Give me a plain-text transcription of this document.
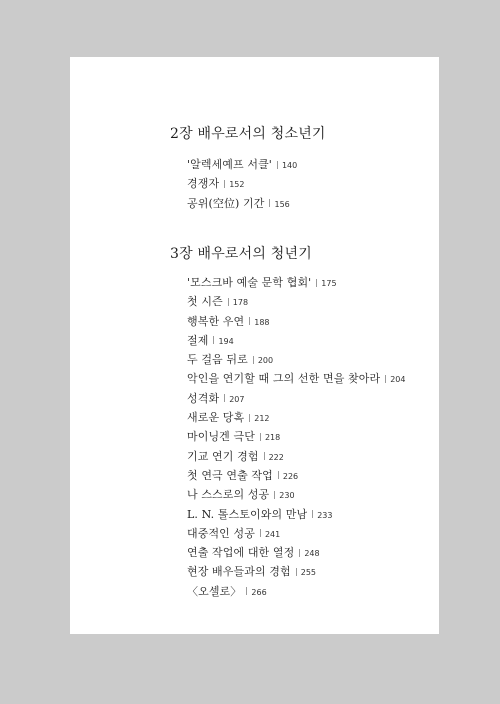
2장 배우로서의 청소년기
'알렉세예프 서클' 140
경쟁자 152
공위(空位) 기간 156
3장 배우로서의 청년기
'모스크바 예술 문학 협회' 175
첫 시즌 178
행복한 우연 188
절제 194
두 걸음 뒤로 200
악인을 연기할 때 그의 선한 면을 찾아라 204
성격화 207
새로운 당혹 212
마이닝겐 극단 218
기교 연기 경험 222
첫 연극 연출 작업 226
나 스스로의 성공 230
L. N. 톨스토이와의 만남 233
대중적인 성공 241
연출 작업에 대한 열정 248
현장 배우들과의 경험 255
〈오셀로〉 266
